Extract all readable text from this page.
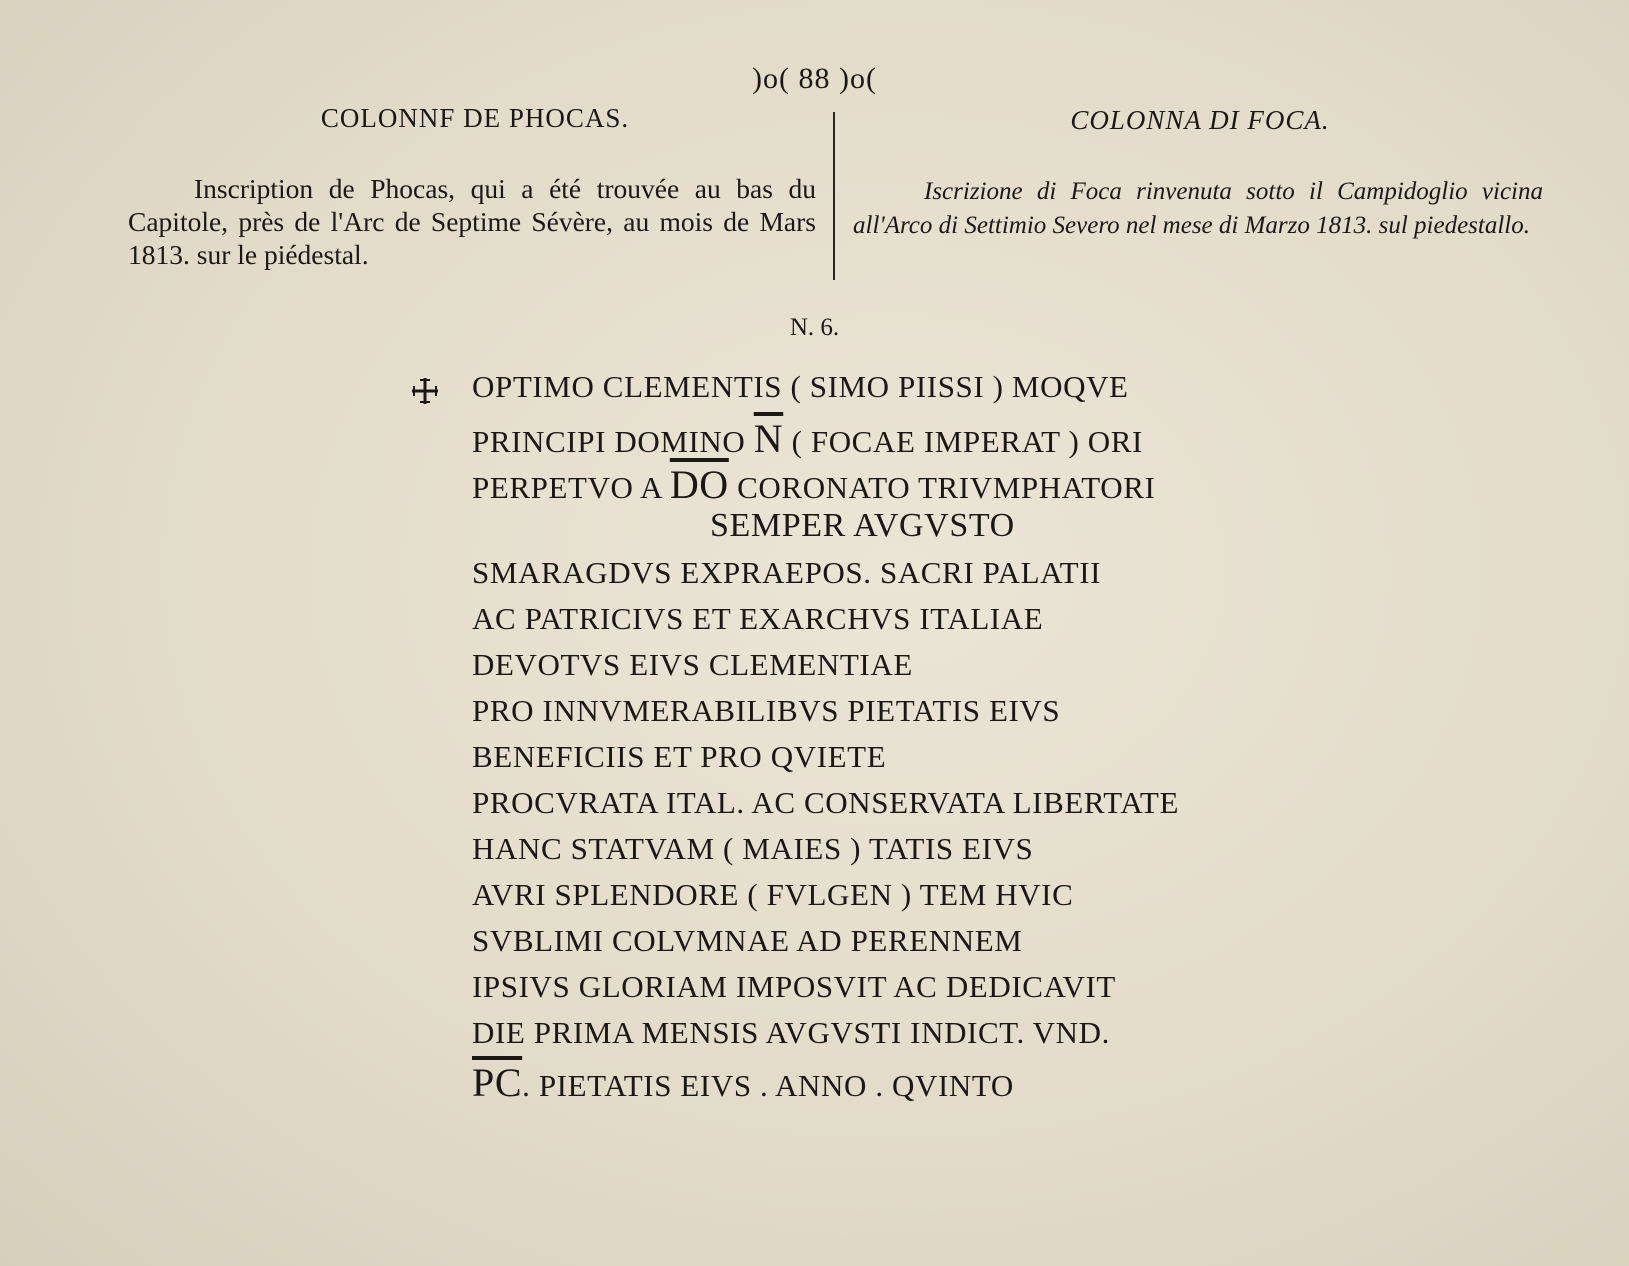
)o( 88 )o(
COLONNF DE PHOCAS.	COLONNA DI FOCA.
Inscription de Phocas, qui a été trouvée au bas du Capitole, près de l'Arc de Septime Sévère, au mois de Mars 1813. sur le piédestal.
Iscrizione di Foca rinvenuta sotto il Campidoglio vicina all'Arco di Settimio Severo nel mese di Marzo 1813. sul piedestallo.
N. 6.
OPTIMO CLEMENTIS ( SIMO PIISSI ) MOQVE
PRINCIPI DOMINO $\overline{N}$ ( FOCAE IMPERAT ) ORI
PERPETVO A $\overline{DO}$ CORONATO TRIVMPHATORI
SEMPER AVGVSTO
SMARAGDVS EXPRAEPOS. SACRI PALATII
AC PATRICIVS ET EXARCHVS ITALIAE
DEVOTVS EIVS CLEMENTIAE
PRO INNVMERABILIBVS PIETATIS EIVS
BENEFICIIS ET PRO QVIETE
PROCVRATA ITAL. AC CONSERVATA LIBERTATE
HANC STATVAM ( MAIES ) TATIS EIVS
AVRI SPLENDORE ( FVLGEN ) TEM HVIC
SVBLIMI COLVMNAE AD PERENNEM
IPSIVS GLORIAM IMPOSVIT AC DEDICAVIT
DIE PRIMA MENSIS AVGVSTI INDICT. VND.
$\overline{PC}$. PIETATIS EIVS . ANNO . QVINTO
